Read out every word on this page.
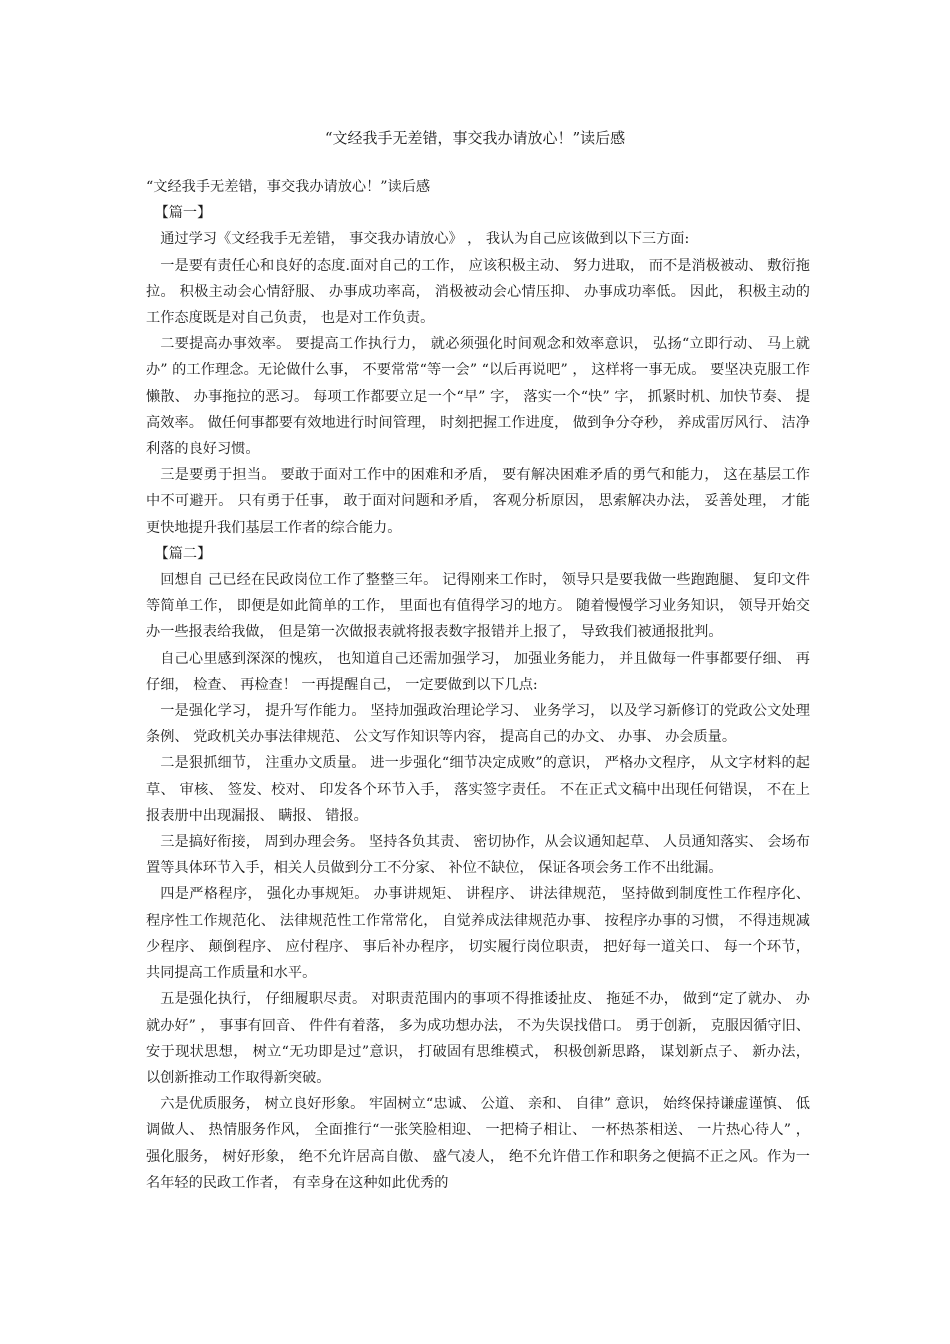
“文经我手无差错，事交我办请放心！”读后感

“文经我手无差错，事交我办请放心！”读后感

【篇一】

通过学习《文经我手无差错， 事交我办请放心》 ， 我认为自己应该做到以下三方面:

一是要有责任心和良好的态度.面对自己的工作， 应该积极主动、 努力进取， 而不是消极被动、 敷衍拖拉。 积极主动会心情舒服、 办事成功率高， 消极被动会心情压抑、 办事成功率低。 因此， 积极主动的工作态度既是对自己负责， 也是对工作负责。

二要提高办事效率。 要提高工作执行力， 就必须强化时间观念和效率意识， 弘扬“立即行动、 马上就办” 的工作理念。无论做什么事， 不要常常“等一会” “以后再说吧” ， 这样将一事无成。 要坚决克服工作懒散、 办事拖拉的恶习。 每项工作都要立足一个“早” 字， 落实一个“快” 字， 抓紧时机、加快节奏、 提高效率。 做任何事都要有效地进行时间管理， 时刻把握工作进度， 做到争分夺秒， 养成雷厉风行、 洁净利落的良好习惯。

三是要勇于担当。 要敢于面对工作中的困难和矛盾， 要有解决困难矛盾的勇气和能力， 这在基层工作中不可避开。 只有勇于任事， 敢于面对问题和矛盾， 客观分析原因， 思索解决办法， 妥善处理， 才能更快地提升我们基层工作者的综合能力。

【篇二】

回想自 己已经在民政岗位工作了整整三年。 记得刚来工作时， 领导只是要我做一些跑跑腿、 复印文件等简单工作， 即便是如此简单的工作， 里面也有值得学习的地方。 随着慢慢学习业务知识， 领导开始交办一些报表给我做， 但是第一次做报表就将报表数字报错并上报了， 导致我们被通报批判。

自己心里感到深深的愧疚， 也知道自己还需加强学习， 加强业务能力， 并且做每一件事都要仔细、 再仔细， 检查、 再检查！ 一再提醒自己， 一定要做到以下几点:

一是强化学习， 提升写作能力。 坚持加强政治理论学习、 业务学习， 以及学习新修订的党政公文处理条例、 党政机关办事法律规范、 公文写作知识等内容， 提高自己的办文、 办事、 办会质量。

二是狠抓细节， 注重办文质量。 进一步强化“细节决定成败”的意识， 严格办文程序， 从文字材料的起草、 审核、 签发、校对、 印发各个环节入手， 落实签字责任。 不在正式文稿中出现任何错误， 不在上报表册中出现漏报、 瞒报、 错报。

三是搞好衔接， 周到办理会务。 坚持各负其责、 密切协作，从会议通知起草、 人员通知落实、 会场布置等具体环节入手，相关人员做到分工不分家、 补位不缺位， 保证各项会务工作不出纰漏。

四是严格程序， 强化办事规矩。 办事讲规矩、 讲程序、 讲法律规范， 坚持做到制度性工作程序化、 程序性工作规范化、 法律规范性工作常常化， 自觉养成法律规范办事、 按程序办事的习惯， 不得违规减少程序、 颠倒程序、 应付程序、 事后补办程序， 切实履行岗位职责， 把好每一道关口、 每一个环节， 共同提高工作质量和水平。

五是强化执行， 仔细履职尽责。 对职责范围内的事项不得推诿扯皮、 拖延不办， 做到“定了就办、 办就办好” ， 事事有回音、 件件有着落， 多为成功想办法， 不为失误找借口。 勇于创新， 克服因循守旧、 安于现状思想， 树立“无功即是过”意识， 打破固有思维模式， 积极创新思路， 谋划新点子、 新办法， 以创新推动工作取得新突破。

六是优质服务， 树立良好形象。 牢固树立“忠诚、 公道、 亲和、 自律” 意识， 始终保持谦虚谨慎、 低调做人、 热情服务作风， 全面推行“一张笑脸相迎、 一把椅子相让、 一杯热茶相送、 一片热心待人” ， 强化服务， 树好形象， 绝不允许居高自傲、 盛气凌人， 绝不允许借工作和职务之便搞不正之风。作为一名年轻的民政工作者， 有幸身在这种如此优秀的
